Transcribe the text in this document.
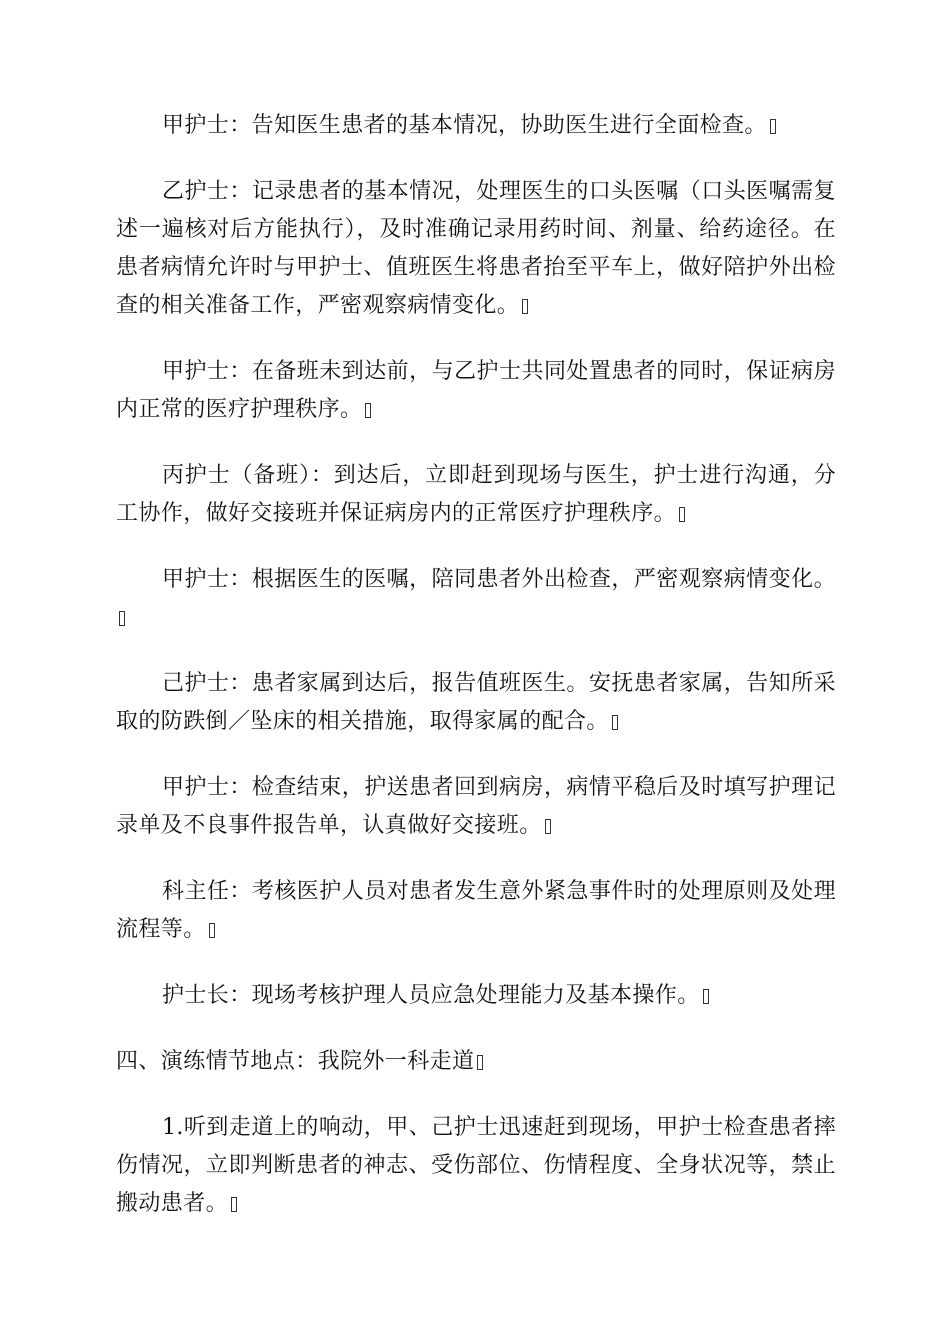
甲护士：告知医生患者的基本情况，协助医生进行全面检查。

乙护士：记录患者的基本情况，处理医生的口头医嘱（口头医嘱需复述一遍核对后方能执行），及时准确记录用药时间、剂量、给药途径。在患者病情允许时与甲护士、值班医生将患者抬至平车上，做好陪护外出检查的相关准备工作，严密观察病情变化。

甲护士：在备班未到达前，与乙护士共同处置患者的同时，保证病房内正常的医疗护理秩序。

丙护士（备班）：到达后，立即赶到现场与医生，护士进行沟通，分工协作，做好交接班并保证病房内的正常医疗护理秩序。

甲护士：根据医生的医嘱，陪同患者外出检查，严密观察病情变化。

己护士：患者家属到达后，报告值班医生。安抚患者家属，告知所采取的防跌倒／坠床的相关措施，取得家属的配合。

甲护士：检查结束，护送患者回到病房，病情平稳后及时填写护理记录单及不良事件报告单，认真做好交接班。

科主任：考核医护人员对患者发生意外紧急事件时的处理原则及处理流程等。

护士长：现场考核护理人员应急处理能力及基本操作。

四、演练情节地点：我院外一科走道

1.听到走道上的响动，甲、己护士迅速赶到现场，甲护士检查患者摔伤情况，立即判断患者的神志、受伤部位、伤情程度、全身状况等，禁止搬动患者。
